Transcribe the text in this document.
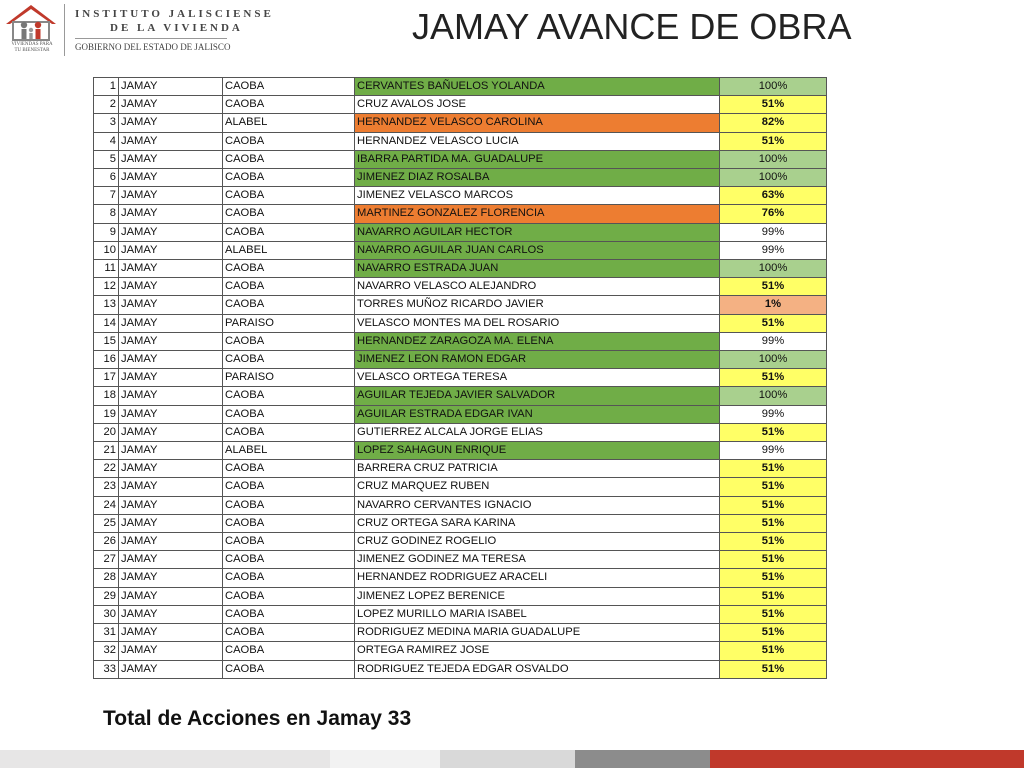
VIVIENDAS PARA
TU BIENESTAR
INSTITUTO JALISCIENSE
DE LA VIVIENDA
GOBIERNO DEL ESTADO DE JALISCO	JAMAY AVANCE DE OBRA
1	JAMAY	CAOBA	CERVANTES BAÑUELOS YOLANDA	100%
2	JAMAY	CAOBA	CRUZ AVALOS JOSE	51%
3	JAMAY	ALABEL	HERNANDEZ VELASCO CAROLINA	82%
4	JAMAY	CAOBA	HERNANDEZ VELASCO LUCIA	51%
5	JAMAY	CAOBA	IBARRA PARTIDA MA. GUADALUPE	100%
6	JAMAY	CAOBA	JIMENEZ DIAZ ROSALBA	100%
7	JAMAY	CAOBA	JIMENEZ VELASCO MARCOS	63%
8	JAMAY	CAOBA	MARTINEZ GONZALEZ FLORENCIA	76%
9	JAMAY	CAOBA	NAVARRO AGUILAR HECTOR	99%
10	JAMAY	ALABEL	NAVARRO AGUILAR JUAN CARLOS	99%
11	JAMAY	CAOBA	NAVARRO ESTRADA JUAN	100%
12	JAMAY	CAOBA	NAVARRO VELASCO ALEJANDRO	51%
13	JAMAY	CAOBA	TORRES MUÑOZ RICARDO JAVIER	1%
14	JAMAY	PARAISO	VELASCO MONTES MA DEL ROSARIO	51%
15	JAMAY	CAOBA	HERNANDEZ ZARAGOZA MA. ELENA	99%
16	JAMAY	CAOBA	JIMENEZ LEON RAMON EDGAR	100%
17	JAMAY	PARAISO	VELASCO ORTEGA TERESA	51%
18	JAMAY	CAOBA	AGUILAR TEJEDA JAVIER SALVADOR	100%
19	JAMAY	CAOBA	AGUILAR ESTRADA EDGAR IVAN	99%
20	JAMAY	CAOBA	GUTIERREZ ALCALA JORGE ELIAS	51%
21	JAMAY	ALABEL	LOPEZ SAHAGUN ENRIQUE	99%
22	JAMAY	CAOBA	BARRERA CRUZ PATRICIA	51%
23	JAMAY	CAOBA	CRUZ MARQUEZ RUBEN	51%
24	JAMAY	CAOBA	NAVARRO CERVANTES IGNACIO	51%
25	JAMAY	CAOBA	CRUZ ORTEGA SARA KARINA	51%
26	JAMAY	CAOBA	CRUZ GODINEZ ROGELIO	51%
27	JAMAY	CAOBA	JIMENEZ GODINEZ MA TERESA	51%
28	JAMAY	CAOBA	HERNANDEZ RODRIGUEZ ARACELI	51%
29	JAMAY	CAOBA	JIMENEZ LOPEZ BERENICE	51%
30	JAMAY	CAOBA	LOPEZ MURILLO MARIA ISABEL	51%
31	JAMAY	CAOBA	RODRIGUEZ MEDINA MARIA GUADALUPE	51%
32	JAMAY	CAOBA	ORTEGA RAMIREZ JOSE	51%
33	JAMAY	CAOBA	RODRIGUEZ TEJEDA EDGAR OSVALDO	51%
Total de Acciones en Jamay 33
